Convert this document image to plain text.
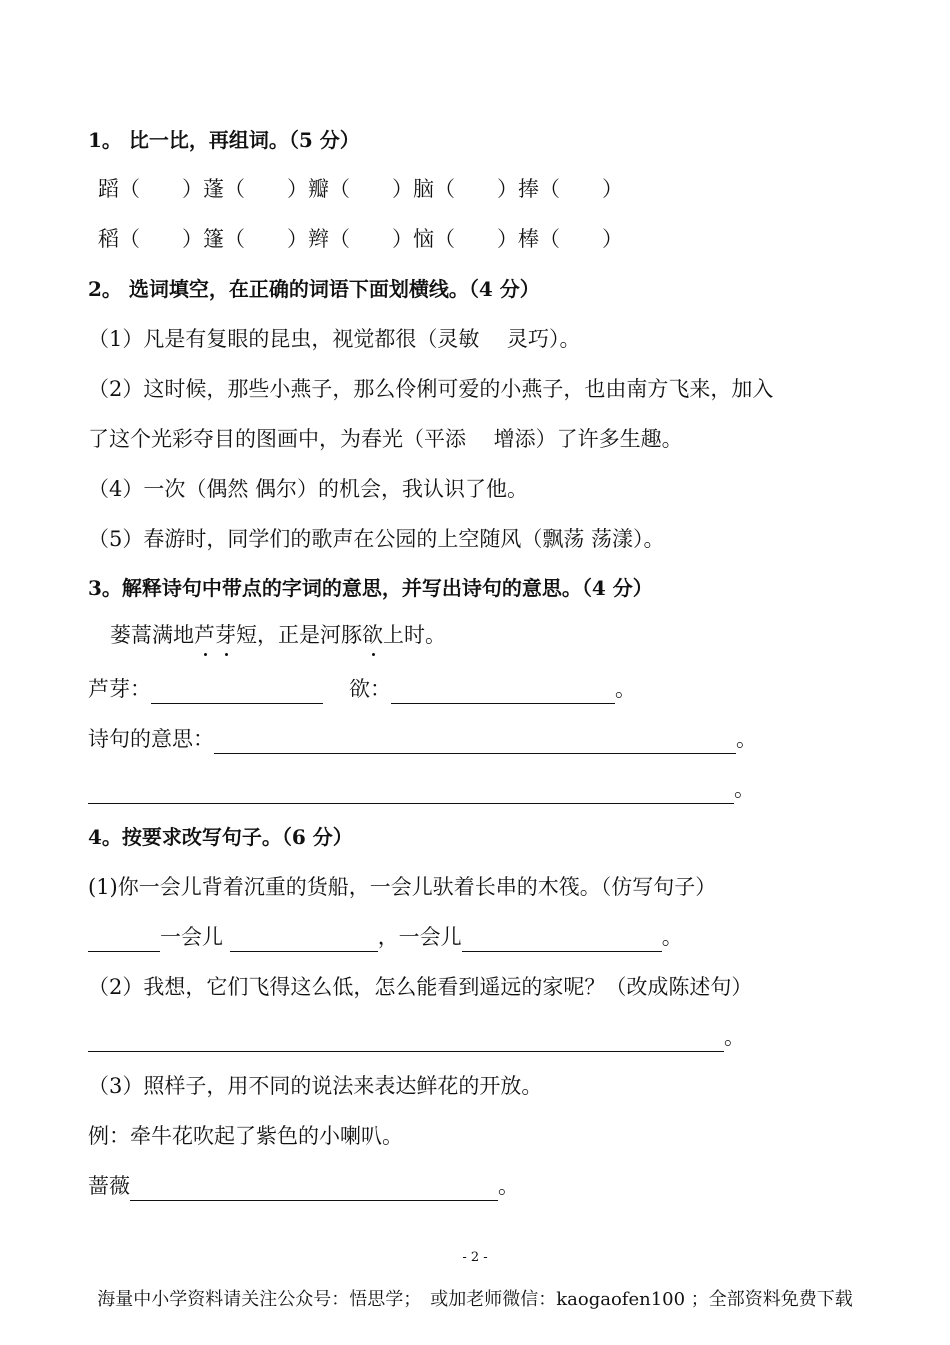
1。 比一比，再组词。（5 分）
蹈（　　）蓬（　　）瓣（　　）脑（　　）捧（　　）
稻（　　）篷（　　）辫（　　）恼（　　）棒（　　）
2。 选词填空，在正确的词语下面划横线。（4 分）
（1）凡是有复眼的昆虫，视觉都很（灵敏　 灵巧）。
（2）这时候，那些小燕子，那么伶俐可爱的小燕子，也由南方飞来，加入
了这个光彩夺目的图画中，为春光（平添　 增添）了许多生趣。
（4）一次（偶然 偶尔）的机会，我认识了他。
（5）春游时，同学们的歌声在公园的上空随风（飘荡 荡漾）。
3。解释诗句中带点的字词的意思，并写出诗句的意思。（4 分）
蒌蒿满地芦芽短，正是河豚欲上时。
芦芽：	欲：	。
诗句的意思：	。
。
4。按要求改写句子。（6 分）
(1)你一会儿背着沉重的货船，一会儿驮着长串的木筏。（仿写句子）
一会儿	，一会儿	。
（2）我想，它们飞得这么低，怎么能看到遥远的家呢？（改成陈述句）
。
（3）照样子，用不同的说法来表达鲜花的开放。
例：牵牛花吹起了紫色的小喇叭。
蔷薇	。
- 2 -
海量中小学资料请关注公众号：悟思学；　或加老师微信：kaogaofen100 ；全部资料免费下载
